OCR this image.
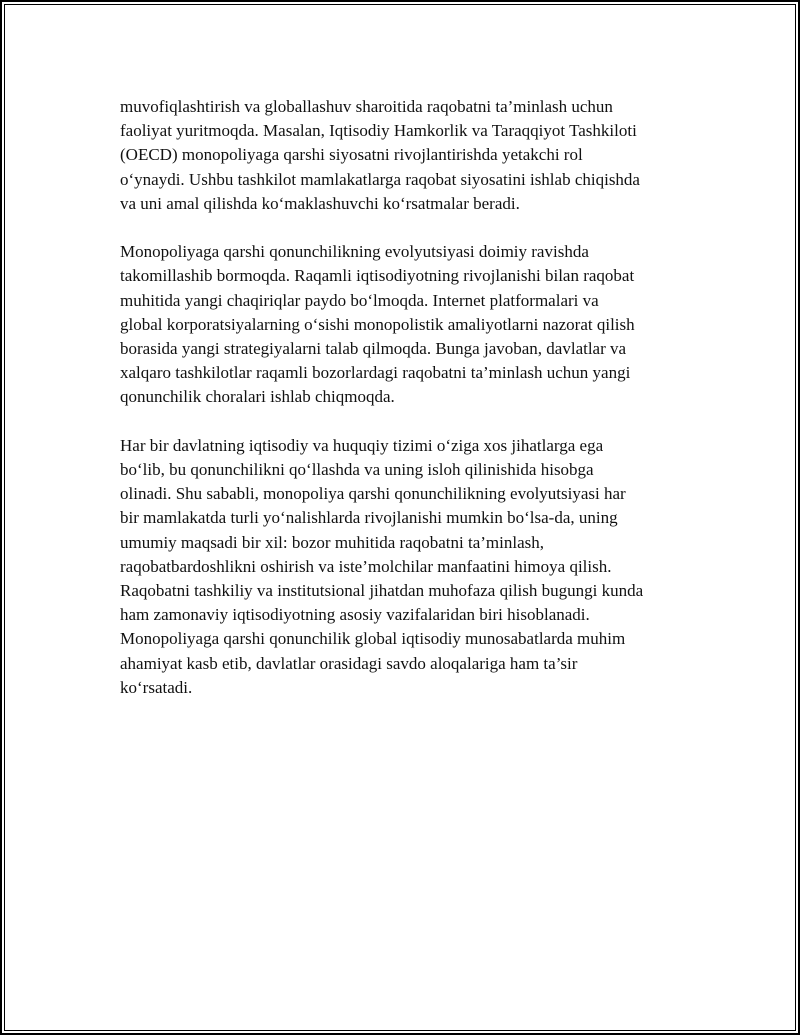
muvofiqlashtirish va globallashuv sharoitida raqobatni ta’minlash uchun
faoliyat yuritmoqda. Masalan, Iqtisodiy Hamkorlik va Taraqqiyot Tashkiloti
(OECD) monopoliyaga qarshi siyosatni rivojlantirishda yetakchi rol
o‘ynaydi. Ushbu tashkilot mamlakatlarga raqobat siyosatini ishlab chiqishda
va uni amal qilishda ko‘maklashuvchi ko‘rsatmalar beradi.

Monopoliyaga qarshi qonunchilikning evolyutsiyasi doimiy ravishda
takomillashib bormoqda. Raqamli iqtisodiyotning rivojlanishi bilan raqobat
muhitida yangi chaqiriqlar paydo bo‘lmoqda. Internet platformalari va
global korporatsiyalarning o‘sishi monopolistik amaliyotlarni nazorat qilish
borasida yangi strategiyalarni talab qilmoqda. Bunga javoban, davlatlar va
xalqaro tashkilotlar raqamli bozorlardagi raqobatni ta’minlash uchun yangi
qonunchilik choralari ishlab chiqmoqda.

Har bir davlatning iqtisodiy va huquqiy tizimi o‘ziga xos jihatlarga ega
bo‘lib, bu qonunchilikni qo‘llashda va uning isloh qilinishida hisobga
olinadi. Shu sababli, monopoliya qarshi qonunchilikning evolyutsiyasi har
bir mamlakatda turli yo‘nalishlarda rivojlanishi mumkin bo‘lsa-da, uning
umumiy maqsadi bir xil: bozor muhitida raqobatni ta’minlash,
raqobatbardoshlikni oshirish va iste’molchilar manfaatini himoya qilish.
Raqobatni tashkiliy va institutsional jihatdan muhofaza qilish bugungi kunda
ham zamonaviy iqtisodiyotning asosiy vazifalaridan biri hisoblanadi.
Monopoliyaga qarshi qonunchilik global iqtisodiy munosabatlarda muhim
ahamiyat kasb etib, davlatlar orasidagi savdo aloqalariga ham ta’sir
ko‘rsatadi.
